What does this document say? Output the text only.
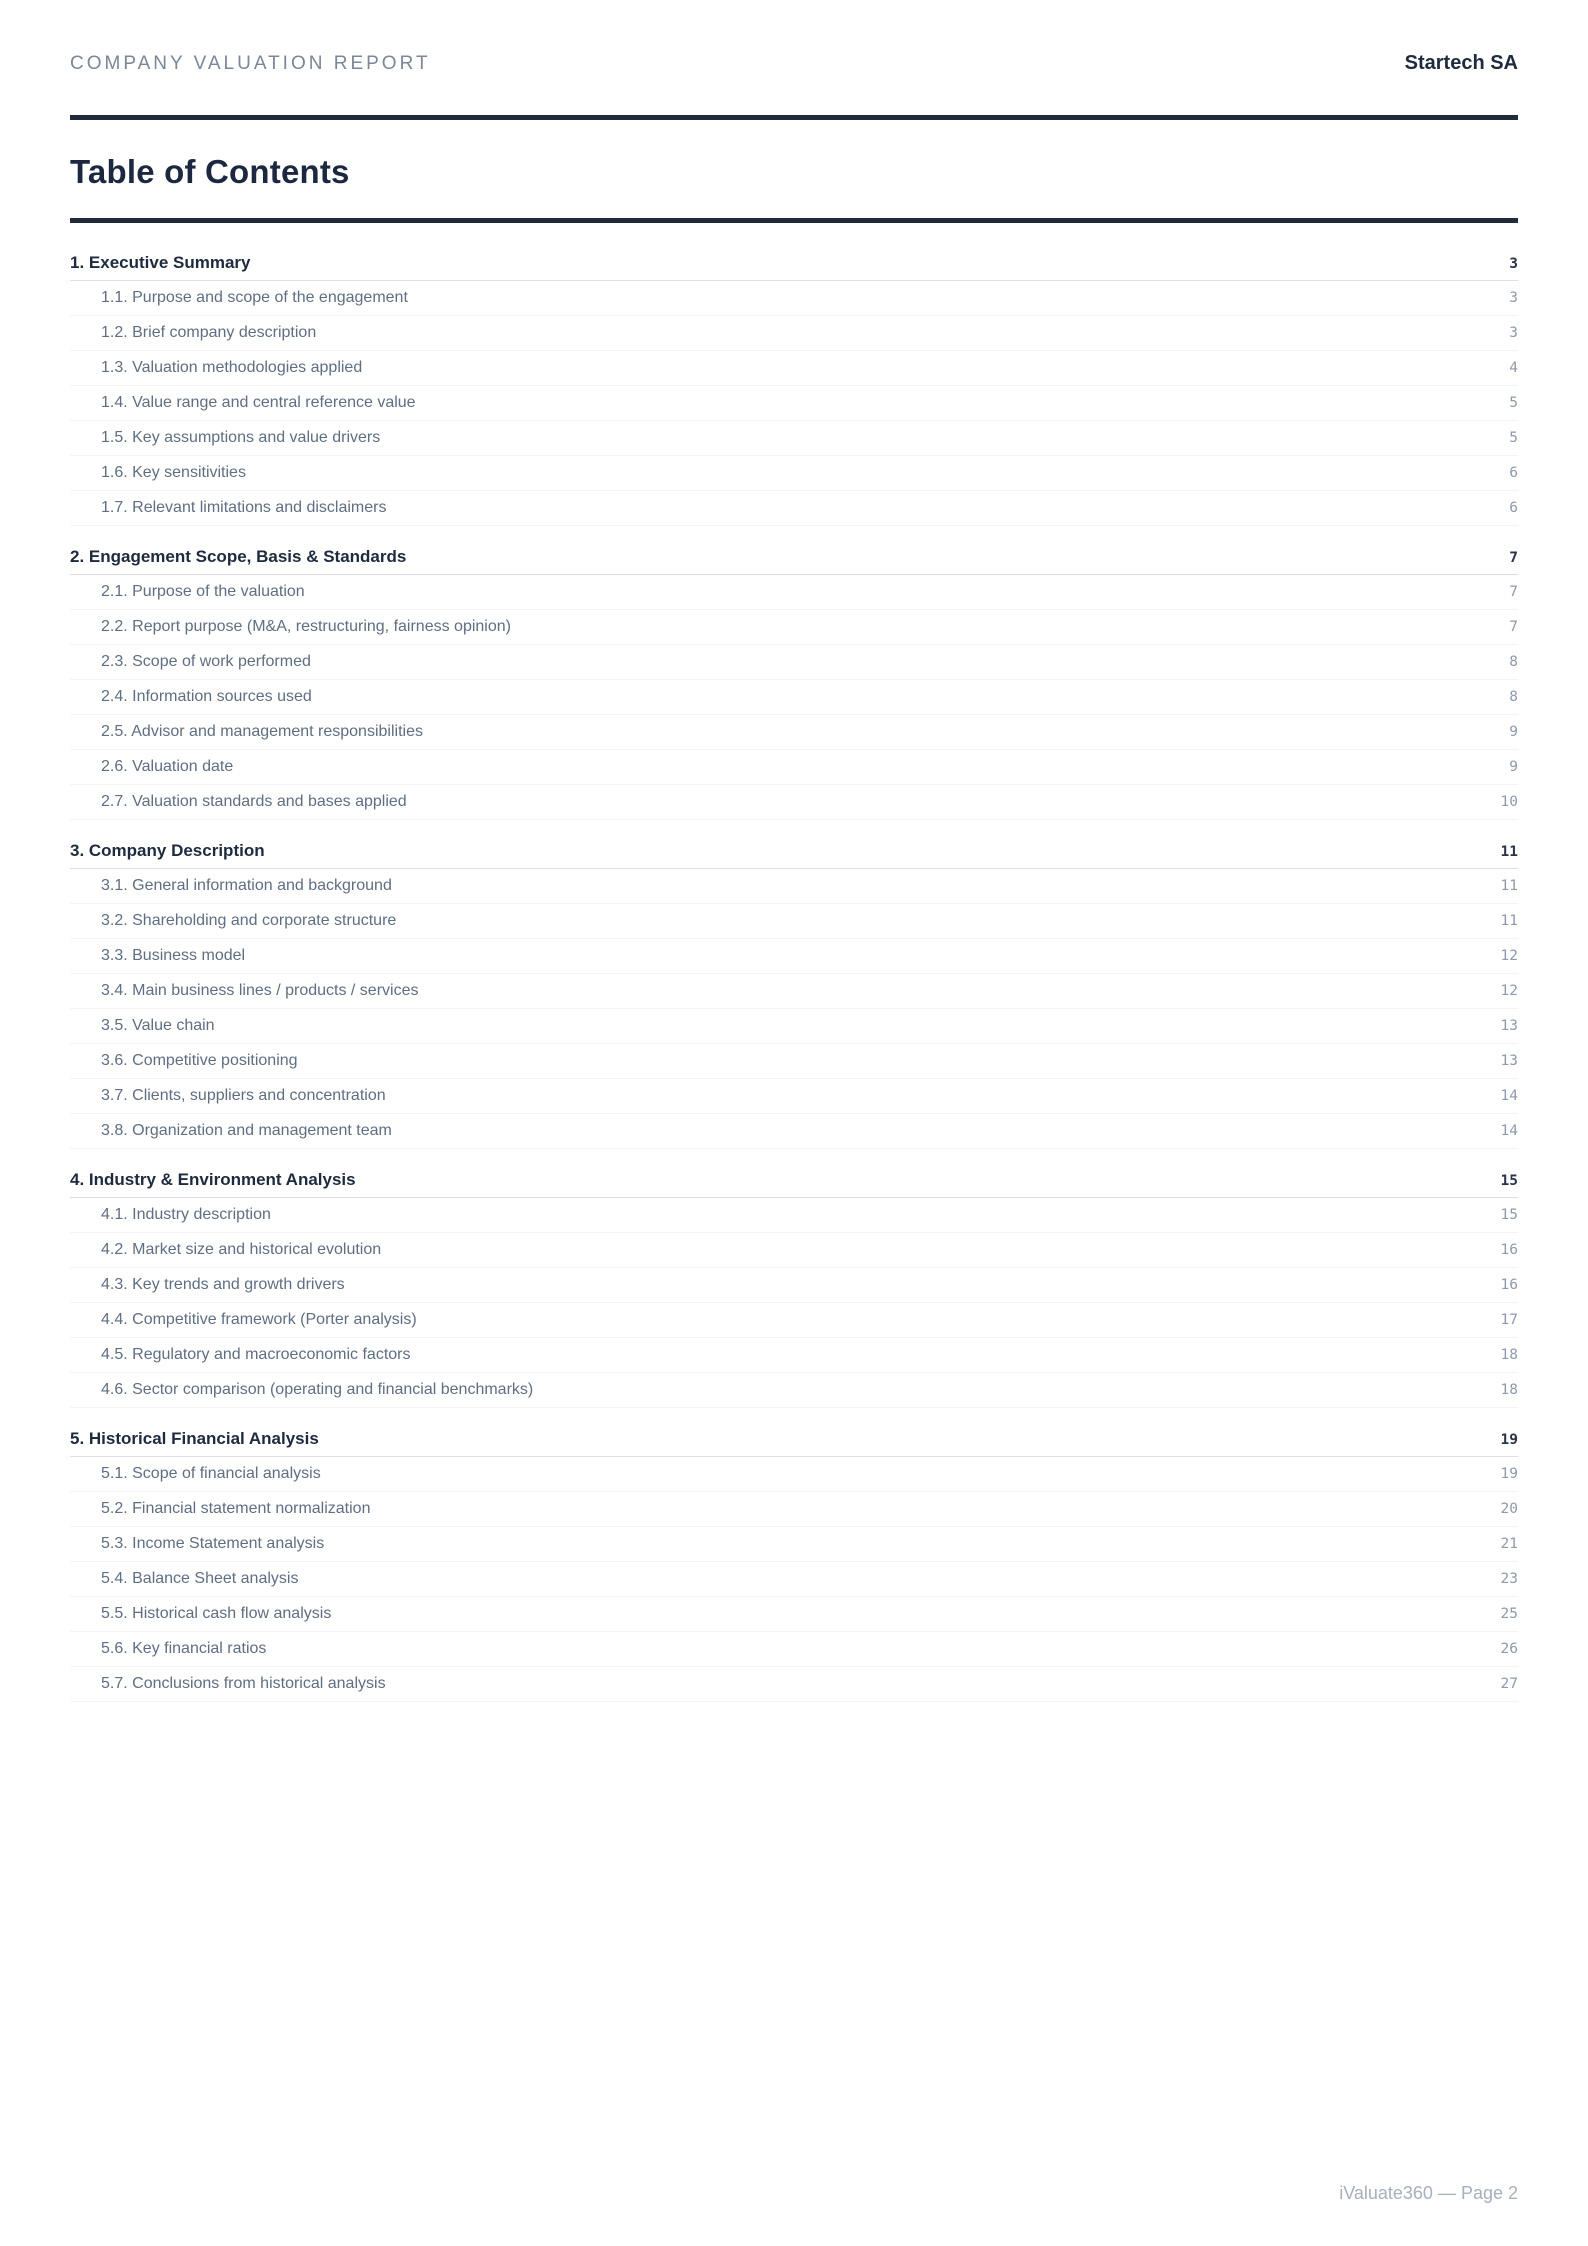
COMPANY VALUATION REPORT	Startech SA
Table of Contents
1. Executive Summary	3
1.1. Purpose and scope of the engagement	3
1.2. Brief company description	3
1.3. Valuation methodologies applied	4
1.4. Value range and central reference value	5
1.5. Key assumptions and value drivers	5
1.6. Key sensitivities	6
1.7. Relevant limitations and disclaimers	6
2. Engagement Scope, Basis & Standards	7
2.1. Purpose of the valuation	7
2.2. Report purpose (M&A, restructuring, fairness opinion)	7
2.3. Scope of work performed	8
2.4. Information sources used	8
2.5. Advisor and management responsibilities	9
2.6. Valuation date	9
2.7. Valuation standards and bases applied	10
3. Company Description	11
3.1. General information and background	11
3.2. Shareholding and corporate structure	11
3.3. Business model	12
3.4. Main business lines / products / services	12
3.5. Value chain	13
3.6. Competitive positioning	13
3.7. Clients, suppliers and concentration	14
3.8. Organization and management team	14
4. Industry & Environment Analysis	15
4.1. Industry description	15
4.2. Market size and historical evolution	16
4.3. Key trends and growth drivers	16
4.4. Competitive framework (Porter analysis)	17
4.5. Regulatory and macroeconomic factors	18
4.6. Sector comparison (operating and financial benchmarks)	18
5. Historical Financial Analysis	19
5.1. Scope of financial analysis	19
5.2. Financial statement normalization	20
5.3. Income Statement analysis	21
5.4. Balance Sheet analysis	23
5.5. Historical cash flow analysis	25
5.6. Key financial ratios	26
5.7. Conclusions from historical analysis	27
iValuate360 — Page 2
